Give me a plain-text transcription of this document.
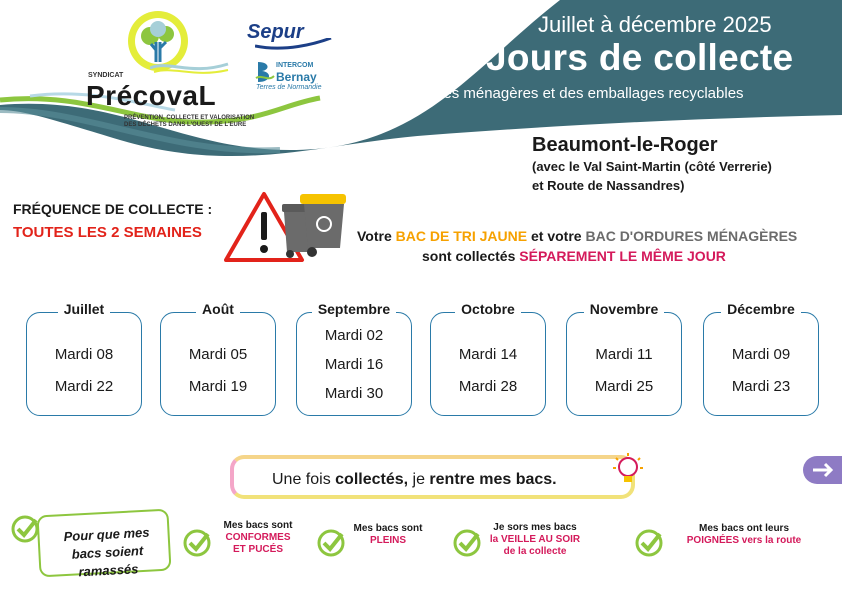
SYNDICAT
PrécovaL
PRÉVENTION, COLLECTE ET VALORISATION
DES DÉCHETS DANS L'OUEST DE L'EURE
Sepur
INTERCOM
Bernay
Terres de Normandie
Juillet à décembre 2025
Jours de collecte
des ordures ménagères et des emballages recyclables
Beaumont-le-Roger
(avec le Val Saint-Martin (côté Verrerie)
et Route de Nassandres)
FRÉQUENCE DE COLLECTE :
TOUTES LES 2 SEMAINES	Votre BAC DE TRI JAUNE et votre BAC D'ORDURES MÉNAGÈRES
sont collectés SÉPAREMENT LE MÊME JOUR
Juillet
Mardi 08
Mardi 22
Août
Mardi 05
Mardi 19
Septembre
Mardi 02
Mardi 16
Mardi 30
Octobre
Mardi 14
Mardi 28
Novembre
Mardi 11
Mardi 25
Décembre
Mardi 09
Mardi 23
Une fois collectés, je rentre mes bacs.
Pour que mes
bacs soient ramassés
Mes bacs sont
CONFORMES
ET PUCÉS
Mes bacs sont
PLEINS
Je sors mes bacs
la VEILLE AU SOIR
de la collecte
Mes bacs ont leurs
POIGNÉES vers la route
